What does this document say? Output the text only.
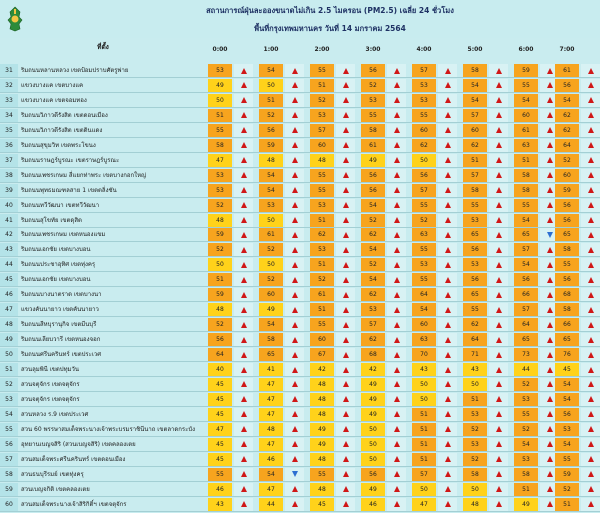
สถานการณ์ฝุ่นละอองขนาดไม่เกิน 2.5 ไมครอน (PM2.5) เฉลี่ย 24 ชั่วโมง
พื้นที่กรุงเทพมหานคร วันที่ 14 มกราคม 2564
ที่ตั้ง	0:00	1:00	2:00	3:00	4:00	5:00	6:00	7:00
31	ริมถนนหลานหลวง เขตป้อมปราบศัตรูพ่าย	53	54	55	56	57	58	59	61
32	แขวงบางแค เขตบางแค	49	50	51	52	53	54	55	56
33	แขวงบางแค เขตจอมทอง	50	51	52	53	53	54	54	54
34	ริมถนนวิภาวดีรังสิต เขตดอนเมือง	51	52	53	55	55	57	60	62
35	ริมถนนวิภาวดีรังสิต เขตดินแดง	55	56	57	58	60	60	61	62
36	ริมถนนสุขุมวิท เขตพระโขนง	58	59	60	61	62	62	63	64
37	ริมถนนราษฎร์บูรณะ เขตราษฎร์บูรณะ	47	48	48	49	50	51	51	52
38	ริมถนนเพชรเกษม สี่แยกท่าพระ เขตบางกอกใหญ่	53	54	55	56	56	57	58	60
39	ริมถนนพุทธมณฑลสาย 1 เขตตลิ่งชัน	53	54	55	56	57	58	58	59
40	ริมถนนทวีวัฒนา เขตทวีวัฒนา	52	53	53	54	55	55	55	56
41	ริมถนนสุโขทัย เขตดุสิต	48	50	51	52	52	53	54	56
42	ริมถนนเพชรเกษม เขตหนองแขม	59	61	62	62	63	65	65	65
43	ริมถนนเอกชัย เขตบางบอน	52	52	53	54	55	56	57	58
44	ริมถนนประชาอุทิศ เขตทุ่งครุ	50	50	51	52	53	53	54	55
45	ริมถนนเอกชัย เขตบางบอน	51	52	52	54	55	56	56	56
46	ริมถนนบางนาตราด เขตบางนา	59	60	61	62	64	65	66	68
47	แขวงคันนายาว เขตคันนายาว	48	49	51	53	54	55	57	58
48	ริมถนนสีหบุรานุกิจ เขตมีนบุรี	52	54	55	57	60	62	64	66
49	ริมถนนเลียบวารี เขตหนองจอก	56	58	60	62	63	64	65	65
50	ริมถนนศรีนครินทร์ เขตประเวศ	64	65	67	68	70	71	73	76
51	สวนลุมพินี เขตปทุมวัน	40	41	42	42	43	43	44	45
52	สวนจตุจักร เขตจตุจักร	45	47	48	49	50	50	52	54
53	สวนจตุจักร เขตจตุจักร	45	47	48	49	50	51	53	54
54	สวนหลวง ร.9 เขตประเวศ	45	47	48	49	51	53	55	56
55	สวน 60 พรรษาสมเด็จพระนางเจ้าพระบรมราชินีนาถ เขตลาดกระบัง	47	48	49	50	51	52	52	53
56	อุทยานเบญจสิริ (สวนเบญจสิริ) เขตคลองเตย	45	47	49	50	51	53	54	54
57	สวนสมเด็จพระศรีนครินทร์ เขตดอนเมือง	45	46	48	50	51	52	53	55
58	สวนธนบุรีรมย์ เขตทุ่งครุ	55	54	55	56	57	58	58	59
59	สวนเบญจกิติ เขตคลองเตย	46	47	48	49	50	50	51	52
60	สวนสมเด็จพระนางเจ้าสิริกิติ์ฯ เขตจตุจักร	43	44	45	46	47	48	49	51
